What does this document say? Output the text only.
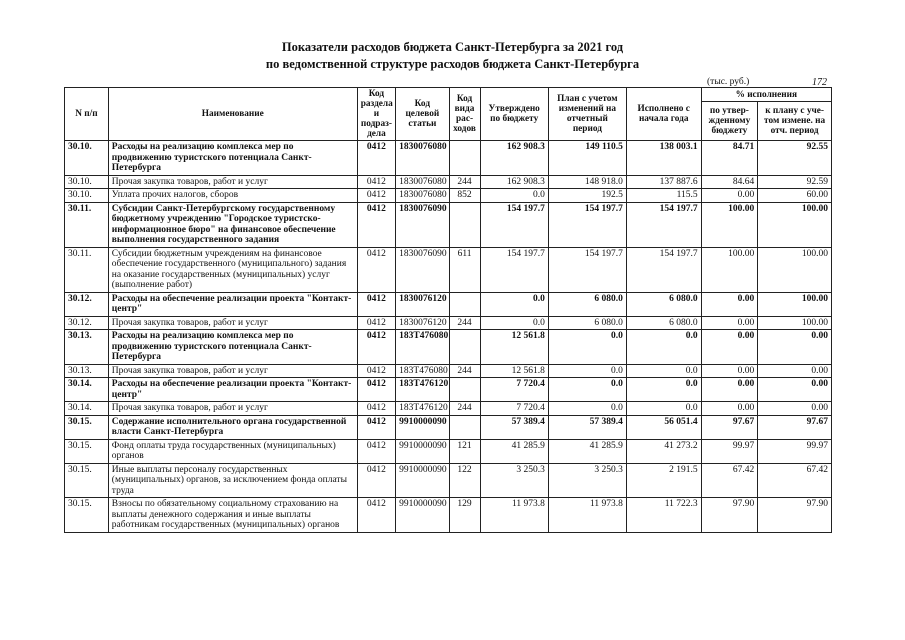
Показатели расходов бюджета Санкт-Петербурга за 2021 год
по ведомственной структуре расходов бюджета Санкт-Петербурга
(тыс. руб.)	172
N п/п	Наименование	Код раздела и подраз-дела	Код целевой статьи	Код вида рас-ходов	Утверждено по бюджету	План с учетом изменений на отчетный период	Исполнено с начала года	% исполнения	
								по утвер-жденному бюджету	к плану с уче-том измене. на отч. период
30.10.	Расходы на реализацию комплекса мер по продвижению туристского потенциала Санкт-Петербурга	0412	1830076080		162 908.3	149 110.5	138 003.1	84.71	92.55
30.10.	Прочая закупка товаров, работ и услуг	0412	1830076080	244	162 908.3	148 918.0	137 887.6	84.64	92.59
30.10.	Уплата прочих налогов, сборов	0412	1830076080	852	0.0	192.5	115.5	0.00	60.00
30.11.	Субсидии Санкт-Петербургскому государственному бюджетному учреждению "Городское туристско-информационное бюро" на финансовое обеспечение выполнения государственного задания	0412	1830076090		154 197.7	154 197.7	154 197.7	100.00	100.00
30.11.	Субсидии бюджетным учреждениям на финансовое обеспечение государственного (муниципального) задания на оказание государственных (муниципальных) услуг (выполнение работ)	0412	1830076090	611	154 197.7	154 197.7	154 197.7	100.00	100.00
30.12.	Расходы на обеспечение реализации проекта "Контакт-центр"	0412	1830076120		0.0	6 080.0	6 080.0	0.00	100.00
30.12.	Прочая закупка товаров, работ и услуг	0412	1830076120	244	0.0	6 080.0	6 080.0	0.00	100.00
30.13.	Расходы на реализацию комплекса мер по продвижению туристского потенциала Санкт-Петербурга	0412	183T476080		12 561.8	0.0	0.0	0.00	0.00
30.13.	Прочая закупка товаров, работ и услуг	0412	183T476080	244	12 561.8	0.0	0.0	0.00	0.00
30.14.	Расходы на обеспечение реализации проекта "Контакт-центр"	0412	183T476120		7 720.4	0.0	0.0	0.00	0.00
30.14.	Прочая закупка товаров, работ и услуг	0412	183T476120	244	7 720.4	0.0	0.0	0.00	0.00
30.15.	Содержание исполнительного органа государственной власти Санкт-Петербурга	0412	9910000090		57 389.4	57 389.4	56 051.4	97.67	97.67
30.15.	Фонд оплаты труда государственных (муниципальных) органов	0412	9910000090	121	41 285.9	41 285.9	41 273.2	99.97	99.97
30.15.	Иные выплаты персоналу государственных (муниципальных) органов, за исключением фонда оплаты труда	0412	9910000090	122	3 250.3	3 250.3	2 191.5	67.42	67.42
30.15.	Взносы по обязательному социальному страхованию на выплаты денежного содержания и иные выплаты работникам государственных (муниципальных) органов	0412	9910000090	129	11 973.8	11 973.8	11 722.3	97.90	97.90
